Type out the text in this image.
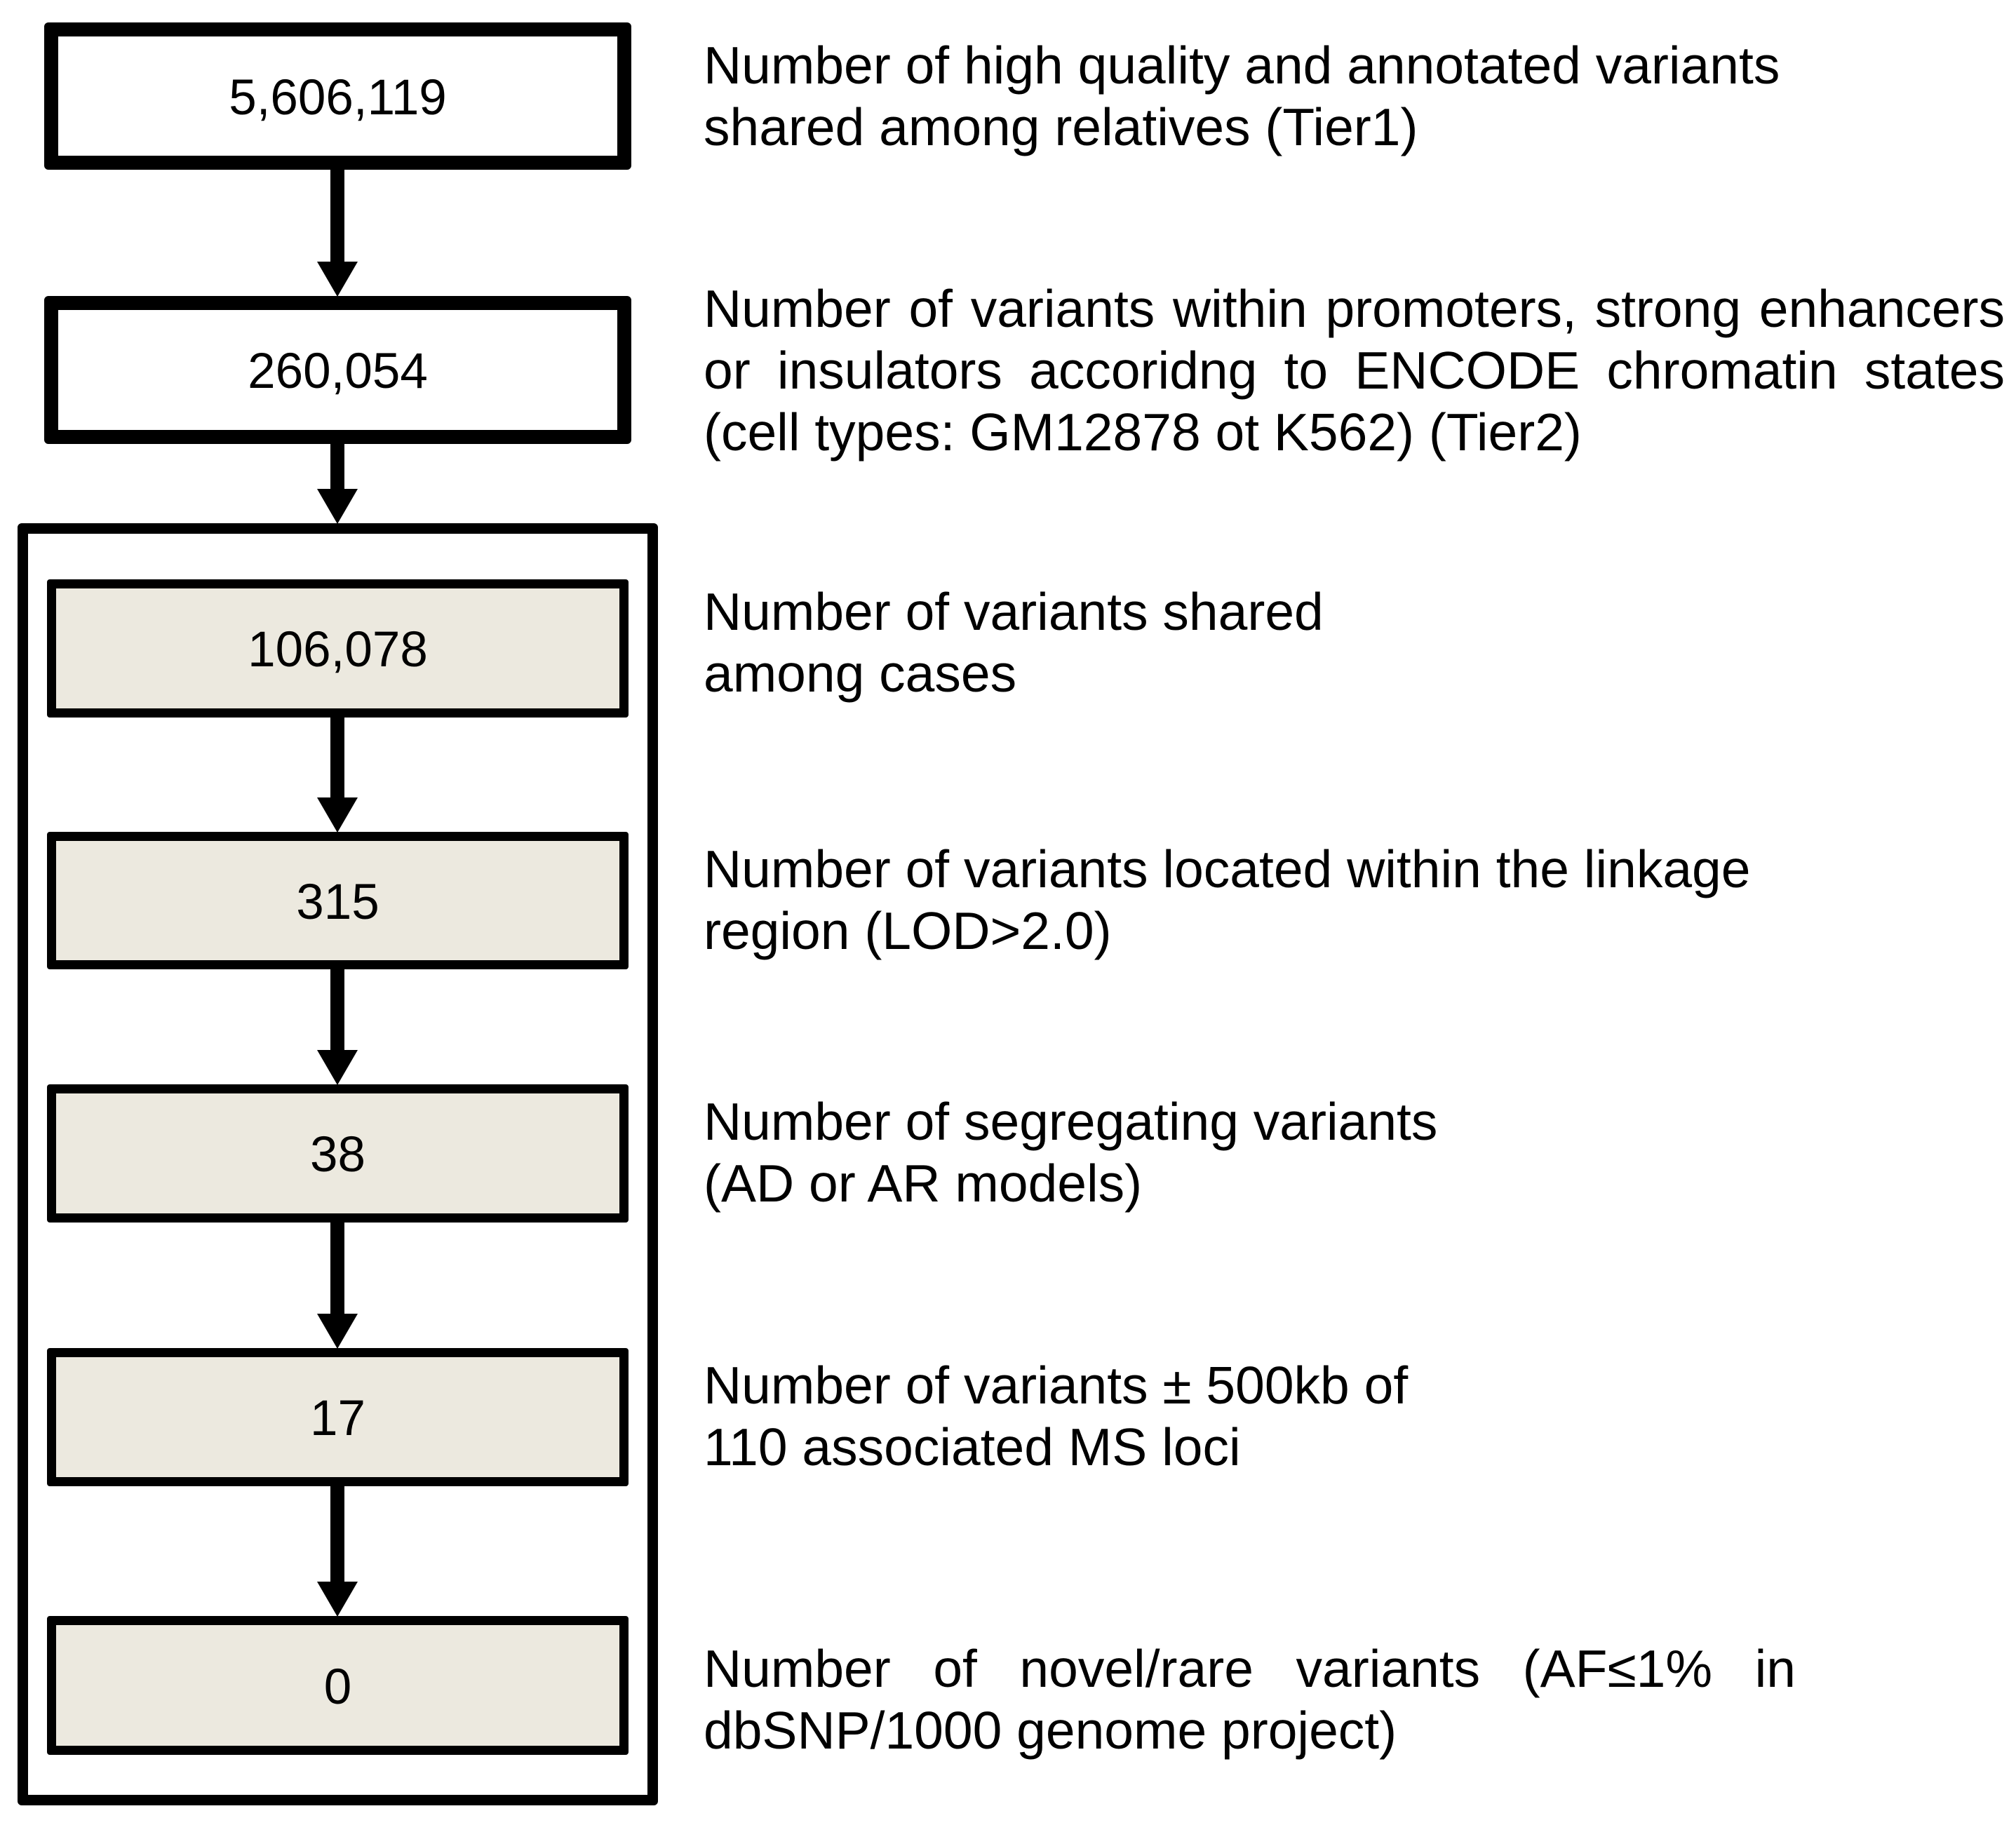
5,606,119
260,054
106,078
315
38
17
0
Number of high quality and annotated variants
shared among relatives (Tier1)
Number of variants within promoters, strong enhancers
or insulators accoridng to ENCODE chromatin states
(cell types: GM12878 ot K562) (Tier2)
Number of variants shared
among cases
Number of variants located within the linkage
region (LOD>2.0)
Number of segregating variants
(AD or AR models)
Number of variants ± 500kb of
110 associated MS loci
Number of novel/rare variants (AF≤1% in
dbSNP/1000 genome project)
